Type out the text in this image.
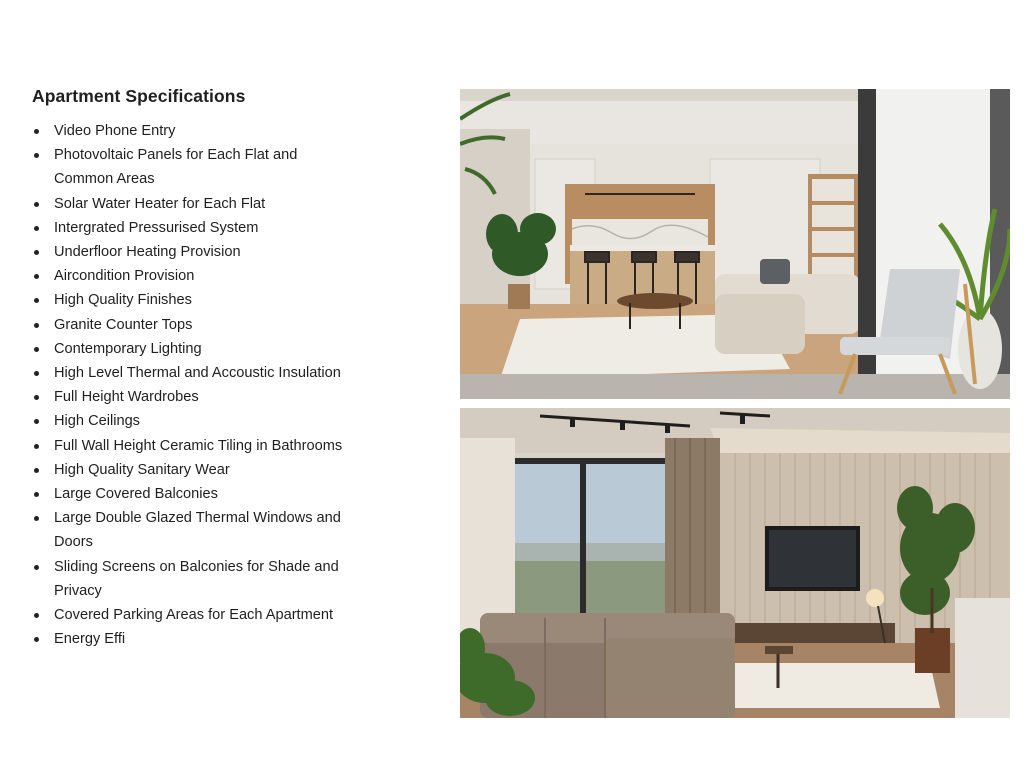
Apartment Specifications
Video Phone Entry
Photovoltaic Panels for Each Flat and
Common Areas
Solar Water Heater for Each Flat
Intergrated Pressurised System
Underfloor Heating Provision
Aircondition Provision
High Quality Finishes
Granite Counter Tops
Contemporary Lighting
High Level Thermal and Accoustic Insulation
Full Height Wardrobes
High Ceilings
Full Wall Height Ceramic Tiling in Bathrooms
High Quality Sanitary Wear
Large Covered Balconies
Large Double Glazed Thermal Windows and
Doors
Sliding Screens on Balconies for Shade and
Privacy
Covered Parking Areas for Each Apartment
Energy Effi
